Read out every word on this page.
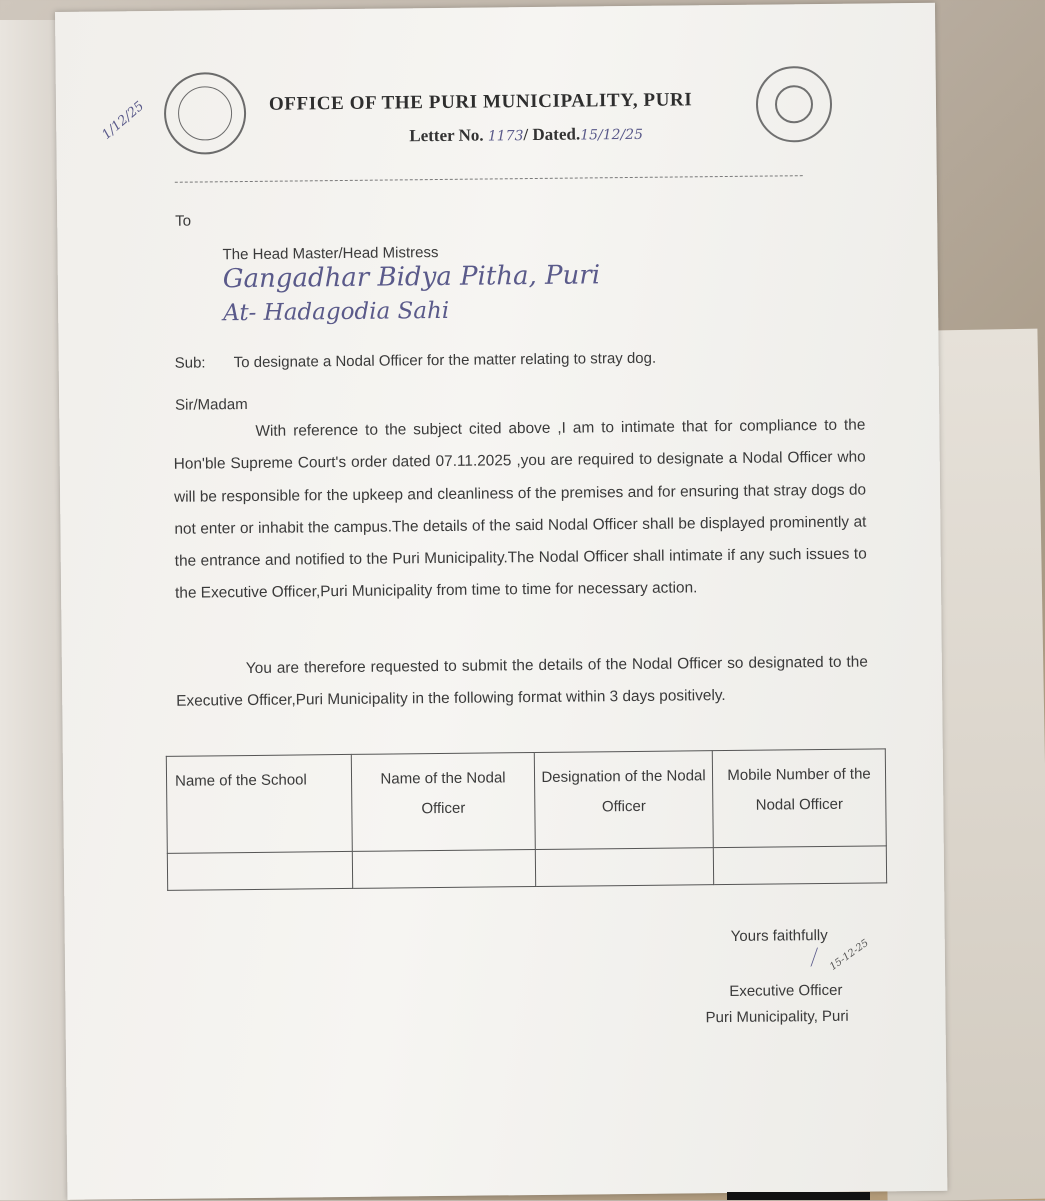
1/12/25	OFFICE OF THE PURI MUNICIPALITY, PURI
Letter No. 1173/ Dated.15/12/25
To
The Head Master/Head Mistress
Gangadhar Bidya Pitha, Puri
At- Hadagodia Sahi
Sub: To designate a Nodal Officer for the matter relating to stray dog.
Sir/Madam
With reference to the subject cited above ,I am to intimate that for compliance to the Hon'ble Supreme Court's order dated 07.11.2025 ,you are required to designate a Nodal Officer who will be responsible for the upkeep and cleanliness of the premises and for ensuring that stray dogs do not enter or inhabit the campus.The details of the said Nodal Officer shall be displayed prominently at the entrance and notified to the Puri Municipality.The Nodal Officer shall intimate if any such issues to the Executive Officer,Puri Municipality from time to time for necessary action.
You are therefore requested to submit the details of the Nodal Officer so designated to the Executive Officer,Puri Municipality in the following format within 3 days positively.
Name of the School	Name of the Nodal Officer	Designation of the Nodal Officer	Mobile Number of the Nodal Officer

Yours faithfully
⟋ 15-12-25
Executive Officer
Puri Municipality, Puri
